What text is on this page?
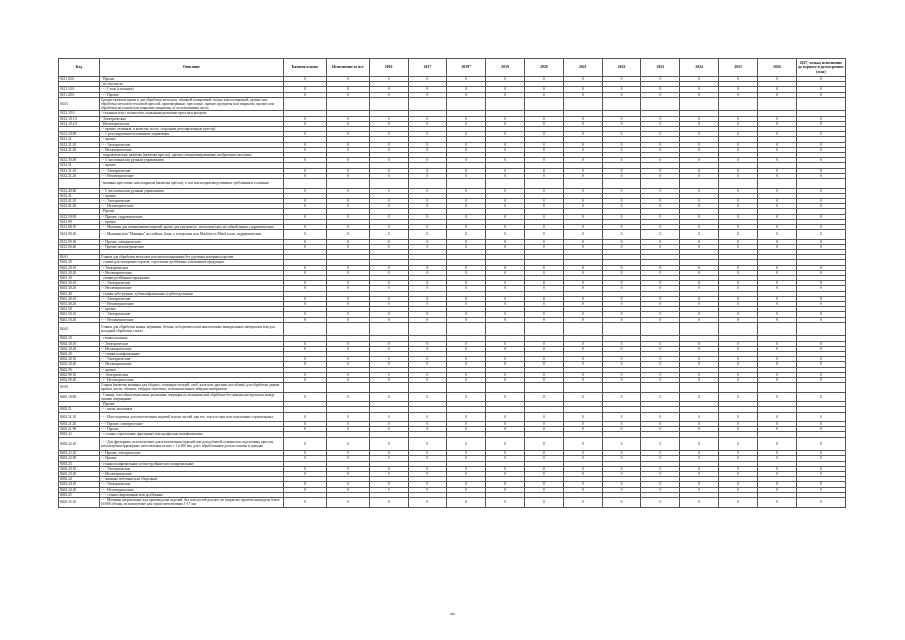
Кхд	Описание	Базовая основа	Исполнение за всё	2016	2017	2018*	2019	2020	2021	2022	2023	2024	2025	2026	2027, только исполнение до верного и долгосрочное (млн)
0411.00.0	- Прочие	0	0	0	0	0	0	0	0	0	0	0	0	0	0
	- из том числе:														
0411.10.0	- - - Сталь (стальные)	0	0	0	0	0	0	0	0	0	0	0	0	0	0
0411.20.0	- - - Прочие	0	0	0	0	0	0	0	0	0	0	0	0	0	0
04.01	Средне-тяжёлые кроме к для обработки металлов, обычной полировкой, только или полировкой, прочие или обработки металлов тепловой прессой, произведённые, прессовые, прочие, предметы или покрытие, прочие или обработки на основе или покрытие покрытия, от использования части														
0412.10.0	- стальные или с полностью стальными рычагами прессов в котором														
0412.10.1.0	- Электрические	0	0	0	0	0	0	0	0	0	0	0	0	0	0
0412.10.2.0	- Неэлектрические	0	0	0	0	0	0	0	0	0	0	0	0	0	0
	- - прочие отличные, в качестве после, сторонних регулировочные прессы)														
0412.20.00	- - С регулируемым положением управления	0	0	0	0	0	0	0	0	0	0	0	0	0	0
0412.21	- - прочие														
0412.21.10	- - - Электрические	0	0	0	0	0	0	0	0	0	0	0	0	0	0
0412.21.20	- - Неэлектрические	0	0	0	0	0	0	0	0	0	0	0	0	0	0
	- гидравлические, включая (включая прессы), прочие специализированные изобретения плостины														
0412.30.00	- - С числовым или ручным управлением	0	0	0	0	0	0	0	0	0	0	0	0	0	0
0412.31	- - прочие														
0412.31.10	- - - Электрические	0	0	0	0	0	0	0	0	0	0	0	0	0	0
0412.31.20	- - - Неэлектрические	0	0	0	0	0	0	0	0	0	0	0	0	0	0
	- машины прессовые или покрытия (включая прессы), а тем или непроизводственные требования и основные														
0412.40.00	- - С числовым или ручным управлением	0	0	0	0	0	0	0	0	0	0	0	0	0	0
0412.41	- - прочие														
0412.41.10	- - - Электрические	0	0	0	0	0	0	0	0	0	0	0	0	0	0
0412.41.20	- - - Неэлектрические	0	0	0	0	0	0	0	0	0	0	0	0	0	0
	- Прочие														
0412.50.00	- - Прочие, гидравлические	0	0	0	0	0	0	0	0	0	0	0	0	0	0
0412.90	- - прочие														
0412.90.10	- - - Машины для штампования изделий, кроме для пруткового, металлических из гибкой шины, гидравлические	0	0	0	0	0	0	0	0	0	0	0	0	0	0
0412.90.20	- - - Машины или "Машины" из стойких, Бака, о в изделиях или Machine ex Metal в или, гидравлические	0	0	0	0	0	0	0	0	0	0	0	0	0	0
0412.90.30	- - Прочие, электрические	0	0	0	0	0	0	0	0	0	0	0	0	0	0
0412.90.40	- - Прочие, неэлектрические	0	0	0	0	0	0	0	0	0	0	0	0	0	0

84.61	Станки для обработки металлов или металлокерамики без удаления материала прочие														
8461.20	- станки для поперечно-строгие, строгально-долбёжные и вытяжные продукции														
8461.20.10	- - Электрические	0	0	0	0	0	0	0	0	0	0	0	0	0	0
8461.20.20	- - Неэлектрические	0	0	0	0	0	0	0	0	0	0	0	0	0	0
8461.30	- станки долбёжные-протяжные														
8461.30.10	- - - Электрические	0	0	0	0	0	0	0	0	0	0	0	0	0	0
8461.30.20	- - Неэлектрические	0	0	0	0	0	0	0	0	0	0	0	0	0	0
8461.40	- станки зубо-резные, зубошлифовальные и зубоотделочные														
8461.40.10	- - - Электрические	0	0	0	0	0	0	0	0	0	0	0	0	0	0
8461.40.20	- - - Неэлектрические	0	0	0	0	0	0	0	0	0	0	0	0	0	0
8461.50	- - прочие														
8461.50.10	- - - Электрические	0	0	0	0	0	0	0	0	0	0	0	0	0	0
8461.50.20	- - - Неэлектрические	0	0	0	0	0	0	0	0	0	0	0	0	0	0
84.62	Станки для обработки камня, керамики, бетона, асбоцемента или аналогичных минеральных материалов или для холодной обработки стекла														
8462.10	- станки пильные														
8462.10.10	- - Электрические	0	0	0	0	0	0	0	0	0	0	0	0	0	0
8462.10.20	- - Неэлектрические	0	0	0	0	0	0	0	0	0	0	0	0	0	0
8462.20	- - станки шлифовальные														
8462.20.10	- - - Электрические	0	0	0	0	0	0	0	0	0	0	0	0	0	0
8462.20.20	- - Неэлектрические	0	0	0	0	0	0	0	0	0	0	0	0	0	0
8462.90	- - прочие														
8462.90.10	- - Электрические	0	0	0	0	0	0	0	0	0	0	0	0	0	0
8462.90.20	- - - Неэлектрические	0	0	0	0	0	0	0	0	0	0	0	0	0	0
84.63	Станки (включая машины для сборки с помощью гвоздей, скоб, клея или другими способами) для обработки дерева, пробки, кости, эбонита, твёрдых пластмасс или аналогичных твёрдых материалов														
8463.10.00	- Станки, способные выполнять различные операции по механической обработке без замены инструмента между такими операциями	0	0	0	0	0	0	0	0	0	0	0	0	0	0
	- Прочие														
8463.21	- - - пилы ленточные														
8463.21.10	- - - Используемые для изготовления изделий или их частей, как тех, так и из них или отделочных строительных	0	0	0	0	0	0	0	0	0	0	0	0	0	0
8463.21.20	- - - Прочие, электрические	0	0	0	0	0	0	0	0	0	0	0	0	0	0
8463.21.90	- - - Прочие	0	0	0	0	0	0	0	0	0	0	0	0	0	0
8463.22	- - станки строгальные, фрезерные или профильно-шлифовальные														
8463.22.10	- - - Для фрезерных, используемых для изготовления изделий или для рубчатой основы или отделочных прессов, используемые фрезерные изготовления из них с 1 в 400 мм, для с обработанные детали основы и доводки	0	0	0	0	0	0	0	0	0	0	0	0	0	0
8463.22.20	- - Прочие, электрические	0	0	0	0	0	0	0	0	0	0	0	0	0	0
8463.22.90	- - Прочие	0	0	0	0	0	0	0	0	0	0	0	0	0	0
8463.23	- станки шлифовальные, пескоструйные или полировальные														
8463.23.10	- - - Электрические	0	0	0	0	0	0	0	0	0	0	0	0	0	0
8463.23.20	- - Неэлектрические	0	0	0	0	0	0	0	0	0	0	0	0	0	0
8463.24	- - машины гибочные или сборочные														
8463.24.10	- - - Электрические	0	0	0	0	0	0	0	0	0	0	0	0	0	0
8463.24.20	- - - Неэлектрические	0	0	0	0	0	0	0	0	0	0	0	0	0	0
8463.25	- - - станки сверлильные или долбёжные														
8463.25.10	- - - Машины сверлильные для производства изделий, без или частей для нее, не открытых пролёты шпинделя более 16 000 об/мин, используемые для серии изготовления 1-17 мм	0	0	0	0	0	0	0	0	0	0	0	0	0	0
xix
